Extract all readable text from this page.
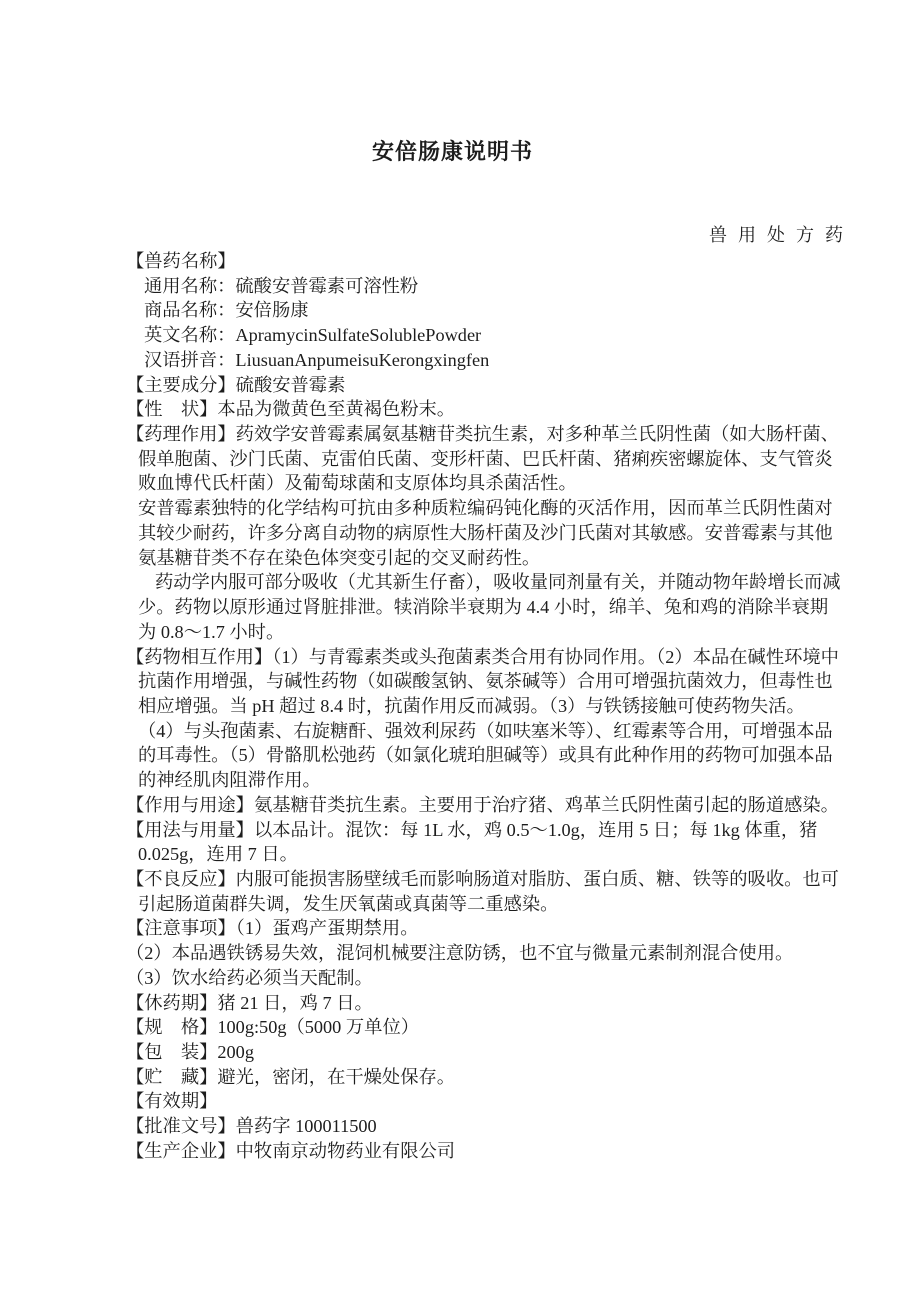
安倍肠康说明书
兽用处方药
【兽药名称】
通用名称：硫酸安普霉素可溶性粉
商品名称：安倍肠康
英文名称：ApramycinSulfateSolublePowder
汉语拼音：LiusuanAnpumeisuKerongxingfen
【主要成分】硫酸安普霉素
【性　状】本品为微黄色至黄褐色粉末。
【药理作用】药效学安普霉素属氨基糖苷类抗生素，对多种革兰氏阴性菌（如大肠杆菌、
假单胞菌、沙门氏菌、克雷伯氏菌、变形杆菌、巴氏杆菌、猪痢疾密螺旋体、支气管炎
败血博代氏杆菌）及葡萄球菌和支原体均具杀菌活性。
安普霉素独特的化学结构可抗由多种质粒编码钝化酶的灭活作用，因而革兰氏阴性菌对
其较少耐药，许多分离自动物的病原性大肠杆菌及沙门氏菌对其敏感。安普霉素与其他
氨基糖苷类不存在染色体突变引起的交叉耐药性。
药动学内服可部分吸收（尤其新生仔畜），吸收量同剂量有关，并随动物年龄增长而减
少。药物以原形通过肾脏排泄。犊消除半衰期为 4.4 小时，绵羊、兔和鸡的消除半衰期
为 0.8～1.7 小时。
【药物相互作用】（1）与青霉素类或头孢菌素类合用有协同作用。（2）本品在碱性环境中
抗菌作用增强，与碱性药物（如碳酸氢钠、氨茶碱等）合用可增强抗菌效力，但毒性也
相应增强。当 pH 超过 8.4 时，抗菌作用反而减弱。（3）与铁锈接触可使药物失活。
（4）与头孢菌素、右旋糖酐、强效利尿药（如呋塞米等）、红霉素等合用，可增强本品
的耳毒性。（5）骨骼肌松弛药（如氯化琥珀胆碱等）或具有此种作用的药物可加强本品
的神经肌肉阻滞作用。
【作用与用途】氨基糖苷类抗生素。主要用于治疗猪、鸡革兰氏阴性菌引起的肠道感染。
【用法与用量】以本品计。混饮：每 1L 水，鸡 0.5～1.0g，连用 5 日；每 1kg 体重，猪
0.025g，连用 7 日。
【不良反应】内服可能损害肠壁绒毛而影响肠道对脂肪、蛋白质、糖、铁等的吸收。也可
引起肠道菌群失调，发生厌氧菌或真菌等二重感染。
【注意事项】（1）蛋鸡产蛋期禁用。
（2）本品遇铁锈易失效，混饲机械要注意防锈，也不宜与微量元素制剂混合使用。
（3）饮水给药必须当天配制。
【休药期】猪 21 日，鸡 7 日。
【规　格】100g:50g（5000 万单位）
【包　装】200g
【贮　藏】避光，密闭，在干燥处保存。
【有效期】
【批准文号】兽药字 100011500
【生产企业】中牧南京动物药业有限公司
